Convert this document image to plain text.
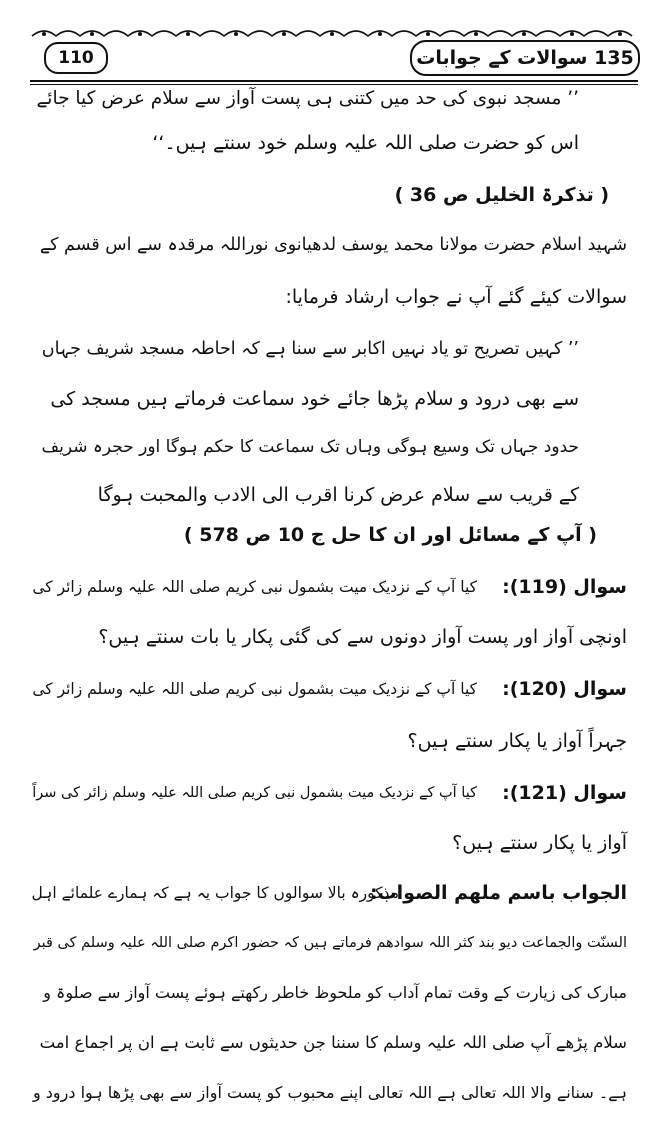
110	135 سوالات کے جوابات
’’ مسجد نبوی کی حد میں کتنی ہی پست آواز سے سلام عرض کیا جائے
اس کو حضرت صلی اللہ علیہ وسلم خود سنتے ہیں۔‘‘
( تذکرۃ الخلیل ص 36 )
شہید اسلام حضرت مولانا محمد یوسف لدھیانوی نوراللہ مرقدہ سے اس قسم کے
سوالات کیئے گئے آپ نے جواب ارشاد فرمایا:
’’ کہیں تصریح تو یاد نہیں اکابر سے سنا ہے کہ احاطہ مسجد شریف جہاں
سے بھی درود و سلام پڑھا جائے خود سماعت فرماتے ہیں مسجد کی
حدود جہاں تک وسیع ہوگی وہاں تک سماعت کا حکم ہوگا اور حجرہ شریف
کے قریب سے سلام عرض کرنا اقرب الی الادب والمحبت ہوگا
( آپ کے مسائل اور ان کا حل ج 10 ص 578 )
سوال (119):
کیا آپ کے نزدیک میت بشمول نبی کریم صلی اللہ علیہ وسلم زائر کی
اونچی آواز اور پست آواز دونوں سے کی گئی پکار یا بات سنتے ہیں؟
سوال (120):
کیا آپ کے نزدیک میت بشمول نبی کریم صلی اللہ علیہ وسلم زائر کی
جہراً آواز یا پکار سنتے ہیں؟
سوال (121):
کیا آپ کے نزدیک میت بشمول نبی کریم صلی اللہ علیہ وسلم زائر کی سراً
آواز یا پکار سنتے ہیں؟
الجواب باسم ملھم الصواب:
مذکورہ بالا سوالوں کا جواب یہ ہے کہ ہمارے علمائے اہل
السنّت والجماعت دیو بند کثر اللہ سوادھم فرماتے ہیں کہ حضور اکرم صلی اللہ علیہ وسلم کی قبر
مبارک کی زیارت کے وقت تمام آداب کو ملحوظ خاطر رکھتے ہوئے پست آواز سے صلوۃ و
سلام پڑھے آپ صلی اللہ علیہ وسلم کا سننا جن حدیثوں سے ثابت ہے ان پر اجماع امت
ہے۔ سنانے والا اللہ تعالی ہے اللہ تعالی اپنے محبوب کو پست آواز سے بھی پڑھا ہوا درود و
